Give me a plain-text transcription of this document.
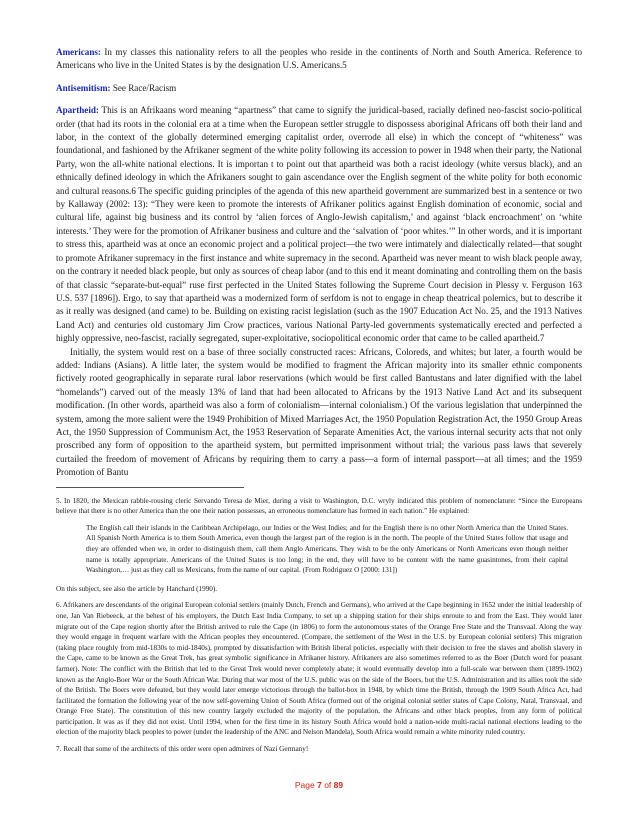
Americans: In my classes this nationality refers to all the peoples who reside in the continents of North and South America. Reference to Americans who live in the United States is by the designation U.S. Americans.5

Antisemitism: See Race/Racism

Apartheid: This is an Afrikaans word meaning “apartness” that came to signify the juridical-based, racially defined neo-fascist socio-political order (that had its roots in the colonial era at a time when the European settler struggle to dispossess aboriginal Africans off both their land and labor, in the context of the globally determined emerging capitalist order, overrode all else) in which the concept of “whiteness” was foundational, and fashioned by the Afrikaner segment of the white polity following its accession to power in 1948 when their party, the National Party, won the all-white national elections. It is importan t to point out that apartheid was both a racist ideology (white versus black), and an ethnically defined ideology in which the Afrikaners sought to gain ascendance over the English segment of the white polity for both economic and cultural reasons.6 The specific guiding principles of the agenda of this new apartheid government are summarized best in a sentence or two by Kallaway (2002: 13): “They were keen to promote the interests of Afrikaner politics against English domination of economic, social and cultural life, against big business and its control by ‘alien forces of Anglo-Jewish capitalism,’ and against ‘black encroachment’ on ‘white interests.’ They were for the promotion of Afrikaner business and culture and the ‘salvation of ‘poor whites.’” In other words, and it is important to stress this, apartheid was at once an economic project and a political project—the two were intimately and dialectically related—that sought to promote Afrikaner supremacy in the first instance and white supremacy in the second. Apartheid was never meant to wish black people away, on the contrary it needed black people, but only as sources of cheap labor (and to this end it meant dominating and controlling them on the basis of that classic “separate-but-equal” ruse first perfected in the United States following the Supreme Court decision in Plessy v. Ferguson 163 U.S. 537 [1896]). Ergo, to say that apartheid was a modernized form of serfdom is not to engage in cheap theatrical polemics, but to describe it as it really was designed (and came) to be. Building on existing racist legislation (such as the 1907 Education Act No. 25, and the 1913 Natives Land Act) and centuries old customary Jim Crow practices, various National Party-led governments systematically erected and perfected a highly oppressive, neo-fascist, racially segregated, super-exploitative, sociopolitical economic order that came to be called apartheid.7

Initially, the system would rest on a base of three socially constructed races: Africans, Coloreds, and whites; but later, a fourth would be added: Indians (Asians). A little later, the system would be modified to fragment the African majority into its smaller ethnic components fictively rooted geographically in separate rural labor reservations (which would be first called Bantustans and later dignified with the label “homelands”) carved out of the measly 13% of land that had been allocated to Africans by the 1913 Native Land Act and its subsequent modification. (In other words, apartheid was also a form of colonialism—internal colonialism.) Of the various legislation that underpinned the system, among the more salient were the 1949 Prohibition of Mixed Marriages Act, the 1950 Population Registration Act, the 1950 Group Areas Act, the 1950 Suppression of Communism Act, the 1953 Reservation of Separate Amenities Act, the various internal security acts that not only proscribed any form of opposition to the apartheid system, but permitted imprisonment without trial; the various pass laws that severely curtailed the freedom of movement of Africans by requiring them to carry a pass—a form of internal passport—at all times; and the 1959 Promotion of Bantu

5. In 1820, the Mexican rabble-rousing cleric Servando Teresa de Mier, during a visit to Washington, D.C. wryly indicated this problem of nomenclature: “Since the Europeans believe that there is no other America than the one their nation possesses, an erroneous nomenclature has formed in each nation.” He explained:

The English call their islands in the Caribbean Archipelago, our Indies or the West Indies; and for the English there is no other North America than the United States. All Spanish North America is to them South America, even though the largest part of the region is in the north. The people of the United States follow that usage and they are offended when we, in order to distinguish them, call them Anglo Americans. They wish to be the only Americans or North Americans even though neither name is totally appropriate. Americans of the United States is too long; in the end, they will have to be content with the name guasintones, from their capital Washington,… just as they call us Mexicans, from the name of our capital. (From Rodriguez O [2000: 131])

On this subject, see also the article by Hanchard (1990).

6. Afrikaners are descendants of the original European colonial settlers (mainly Dutch, French and Germans), who arrived at the Cape beginning in 1652 under the initial leadership of one, Jan Van Riebeeck, at the behest of his employers, the Dutch East India Company, to set up a shipping station for their ships enroute to and from the East. They would later migrate out of the Cape region shortly after the British arrived to rule the Cape (in 1806) to form the autonomous states of the Orange Free State and the Transvaal. Along the way they would engage in frequent warfare with the African peoples they encountered. (Compare, the settlement of the West in the U.S. by European colonial settlers) This migration (taking place roughly from mid-1830s to mid-1840s), prompted by dissatisfaction with British liberal policies, especially with their decision to free the slaves and abolish slavery in the Cape, came to be known as the Great Trek, has great symbolic significance in Afrikaner history. Afrikaners are also sometimes referred to as the Boer (Dutch word for peasant farmer). Note: The conflict with the British that led to the Great Trek would never completely abate; it would eventually develop into a full-scale war between them (1899-1902) known as the Anglo-Boer War or the South African War. During that war most of the U.S. public was on the side of the Boers, but the U.S. Administration and its allies took the side of the British. The Boers were defeated, but they would later emerge victorious through the ballot-box in 1948, by which time the British, through the 1909 South Africa Act, had facilitated the formation the following year of the now self-governing Union of South Africa (formed out of the original colonial settler states of Cape Colony, Natal, Transvaal, and Orange Free State). The constitution of this new country largely excluded the majority of the population, the Africans and other black peoples, from any form of political participation. It was as if they did not exist. Until 1994, when for the first time in its history South Africa would hold a nation-wide multi-racial national elections leading to the election of the majority black peoples to power (under the leadership of the ANC and Nelson Mandela), South Africa would remain a white minority ruled country.

7. Recall that some of the architects of this order were open admirers of Nazi Germany!

Page 7 of 89
